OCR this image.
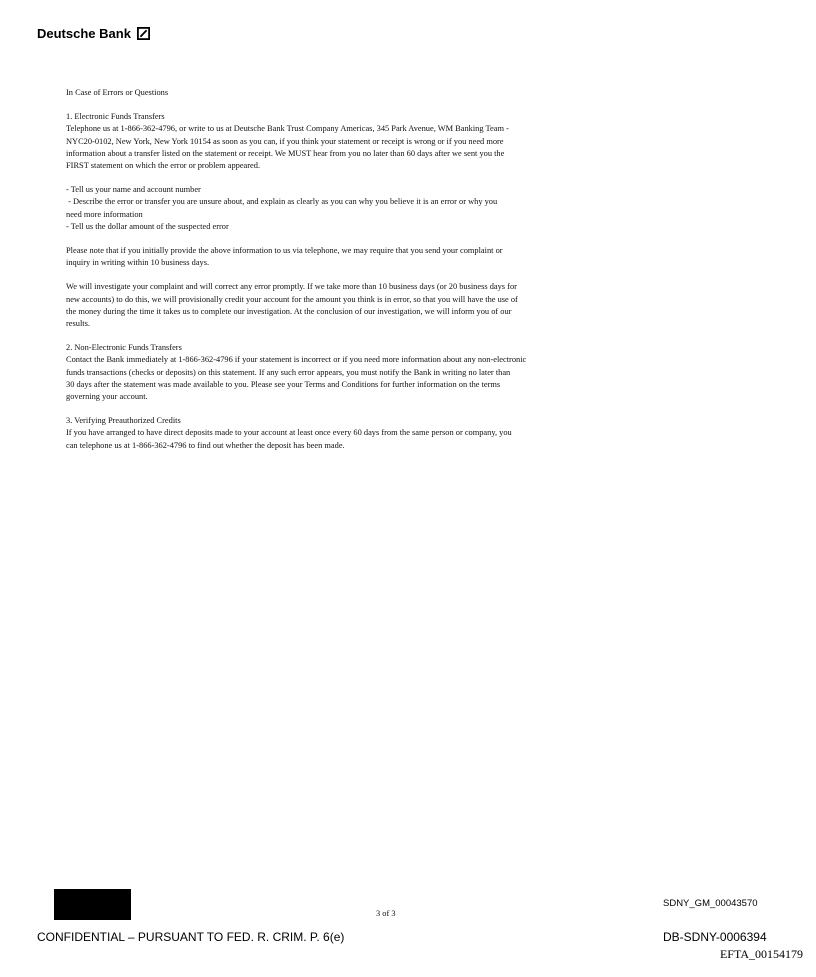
Deutsche Bank

In Case of Errors or Questions

1. Electronic Funds Transfers
Telephone us at 1-866-362-4796, or write to us at Deutsche Bank Trust Company Americas, 345 Park Avenue, WM Banking Team -
NYC20-0102, New York, New York 10154 as soon as you can, if you think your statement or receipt is wrong or if you need more
information about a transfer listed on the statement or receipt. We MUST hear from you no later than 60 days after we sent you the
FIRST statement on which the error or problem appeared.

- Tell us your name and account number
- Describe the error or transfer you are unsure about, and explain as clearly as you can why you believe it is an error or why you
need more information
- Tell us the dollar amount of the suspected error

Please note that if you initially provide the above information to us via telephone, we may require that you send your complaint or
inquiry in writing within 10 business days.

We will investigate your complaint and will correct any error promptly. If we take more than 10 business days (or 20 business days for
new accounts) to do this, we will provisionally credit your account for the amount you think is in error, so that you will have the use of
the money during the time it takes us to complete our investigation. At the conclusion of our investigation, we will inform you of our
results.

2. Non-Electronic Funds Transfers
Contact the Bank immediately at 1-866-362-4796 if your statement is incorrect or if you need more information about any non-electronic
funds transactions (checks or deposits) on this statement. If any such error appears, you must notify the Bank in writing no later than
30 days after the statement was made available to you. Please see your Terms and Conditions for further information on the terms
governing your account.

3. Verifying Preauthorized Credits
If you have arranged to have direct deposits made to your account at least once every 60 days from the same person or company, you
can telephone us at 1-866-362-4796 to find out whether the deposit has been made.

3 of 3
CONFIDENTIAL – PURSUANT TO FED. R. CRIM. P. 6(e)
SDNY_GM_00043570
DB-SDNY-0006394
EFTA_00154179
